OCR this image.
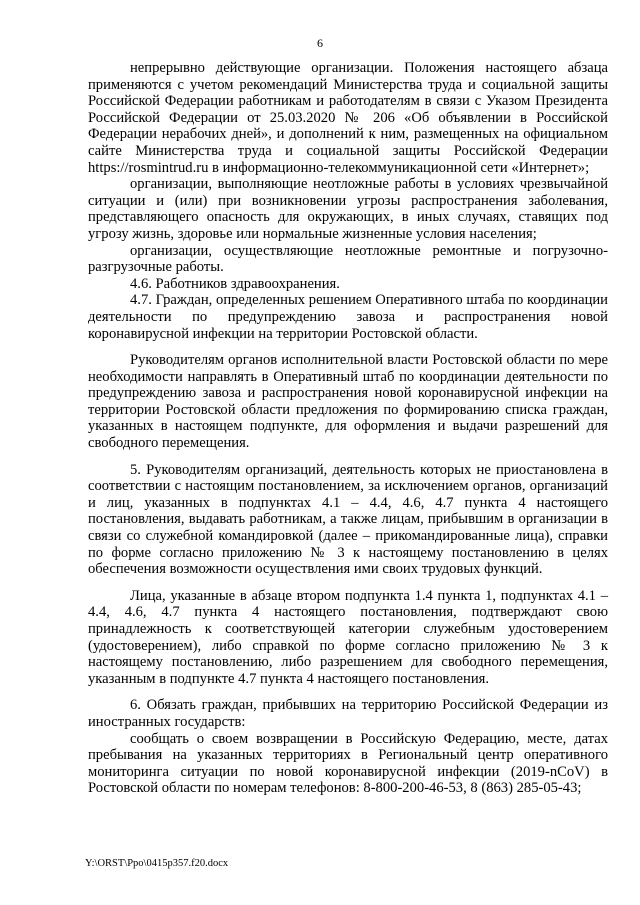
6

непрерывно действующие организации. Положения настоящего абзаца применяются с учетом рекомендаций Министерства труда и социальной защиты Российской Федерации работникам и работодателям в связи с Указом Президента Российской Федерации от 25.03.2020 № 206 «Об объявлении в Российской Федерации нерабочих дней», и дополнений к ним, размещенных на официальном сайте Министерства труда и социальной защиты Российской Федерации https://rosmintrud.ru в информационно-телекоммуникационной сети «Интернет»;

организации, выполняющие неотложные работы в условиях чрезвычайной ситуации и (или) при возникновении угрозы распространения заболевания, представляющего опасность для окружающих, в иных случаях, ставящих под угрозу жизнь, здоровье или нормальные жизненные условия населения;

организации, осуществляющие неотложные ремонтные и погрузочно-разгрузочные работы.

4.6. Работников здравоохранения.

4.7. Граждан, определенных решением Оперативного штаба по координации деятельности по предупреждению завоза и распространения новой коронавирусной инфекции на территории Ростовской области.

Руководителям органов исполнительной власти Ростовской области по мере необходимости направлять в Оперативный штаб по координации деятельности по предупреждению завоза и распространения новой коронавирусной инфекции на территории Ростовской области предложения по формированию списка граждан, указанных в настоящем подпункте, для оформления и выдачи разрешений для свободного перемещения.

5. Руководителям организаций, деятельность которых не приостановлена в соответствии с настоящим постановлением, за исключением органов, организаций и лиц, указанных в подпунктах 4.1 – 4.4, 4.6, 4.7 пункта 4 настоящего постановления, выдавать работникам, а также лицам, прибывшим в организации в связи со служебной командировкой (далее – прикомандированные лица), справки по форме согласно приложению № 3 к настоящему постановлению в целях обеспечения возможности осуществления ими своих трудовых функций.

Лица, указанные в абзаце втором подпункта 1.4 пункта 1, подпунктах 4.1 – 4.4, 4.6, 4.7 пункта 4 настоящего постановления, подтверждают свою принадлежность к соответствующей категории служебным удостоверением (удостоверением), либо справкой по форме согласно приложению № 3 к настоящему постановлению, либо разрешением для свободного перемещения, указанным в подпункте 4.7 пункта 4 настоящего постановления.

6. Обязать граждан, прибывших на территорию Российской Федерации из иностранных государств:

сообщать о своем возвращении в Российскую Федерацию, месте, датах пребывания на указанных территориях в Региональный центр оперативного мониторинга ситуации по новой коронавирусной инфекции (2019-nCoV) в Ростовской области по номерам телефонов: 8-800-200-46-53, 8 (863) 285-05-43;

Y:\ORST\Ppo\0415p357.f20.docx
